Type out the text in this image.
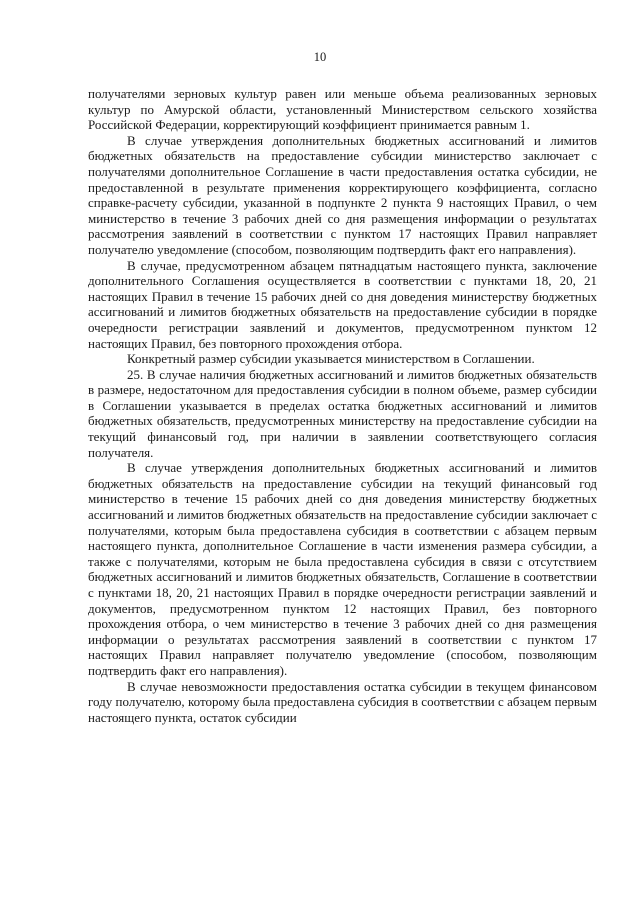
10

получателями зерновых культур равен или меньше объема реализованных зерновых культур по Амурской области, установленный Министерством сельского хозяйства Российской Федерации, корректирующий коэффициент принимается равным 1.

В случае утверждения дополнительных бюджетных ассигнований и лимитов бюджетных обязательств на предоставление субсидии министерство заключает с получателями дополнительное Соглашение в части предоставления остатка субсидии, не предоставленной в результате применения корректирующего коэффициента, согласно справке-расчету субсидии, указанной в подпункте 2 пункта 9 настоящих Правил, о чем министерство в течение 3 рабочих дней со дня размещения информации о результатах рассмотрения заявлений в соответствии с пунктом 17 настоящих Правил направляет получателю уведомление (способом, позволяющим подтвердить факт его направления).

В случае, предусмотренном абзацем пятнадцатым настоящего пункта, заключение дополнительного Соглашения осуществляется в соответствии с пунктами 18, 20, 21 настоящих Правил в течение 15 рабочих дней со дня доведения министерству бюджетных ассигнований и лимитов бюджетных обязательств на предоставление субсидии в порядке очередности регистрации заявлений и документов, предусмотренном пунктом 12 настоящих Правил, без повторного прохождения отбора.

Конкретный размер субсидии указывается министерством в Соглашении.

25. В случае наличия бюджетных ассигнований и лимитов бюджетных обязательств в размере, недостаточном для предоставления субсидии в полном объеме, размер субсидии в Соглашении указывается в пределах остатка бюджетных ассигнований и лимитов бюджетных обязательств, предусмотренных министерству на предоставление субсидии на текущий финансовый год, при наличии в заявлении соответствующего согласия получателя.

В случае утверждения дополнительных бюджетных ассигнований и лимитов бюджетных обязательств на предоставление субсидии на текущий финансовый год министерство в течение 15 рабочих дней со дня доведения министерству бюджетных ассигнований и лимитов бюджетных обязательств на предоставление субсидии заключает с получателями, которым была предоставлена субсидия в соответствии с абзацем первым настоящего пункта, дополнительное Соглашение в части изменения размера субсидии, а также с получателями, которым не была предоставлена субсидия в связи с отсутствием бюджетных ассигнований и лимитов бюджетных обязательств, Соглашение в соответствии с пунктами 18, 20, 21 настоящих Правил в порядке очередности регистрации заявлений и документов, предусмотренном пунктом 12 настоящих Правил, без повторного прохождения отбора, о чем министерство в течение 3 рабочих дней со дня размещения информации о результатах рассмотрения заявлений в соответствии с пунктом 17 настоящих Правил направляет получателю уведомление (способом, позволяющим подтвердить факт его направления).

В случае невозможности предоставления остатка субсидии в текущем финансовом году получателю, которому была предоставлена субсидия в соответствии с абзацем первым настоящего пункта, остаток субсидии
